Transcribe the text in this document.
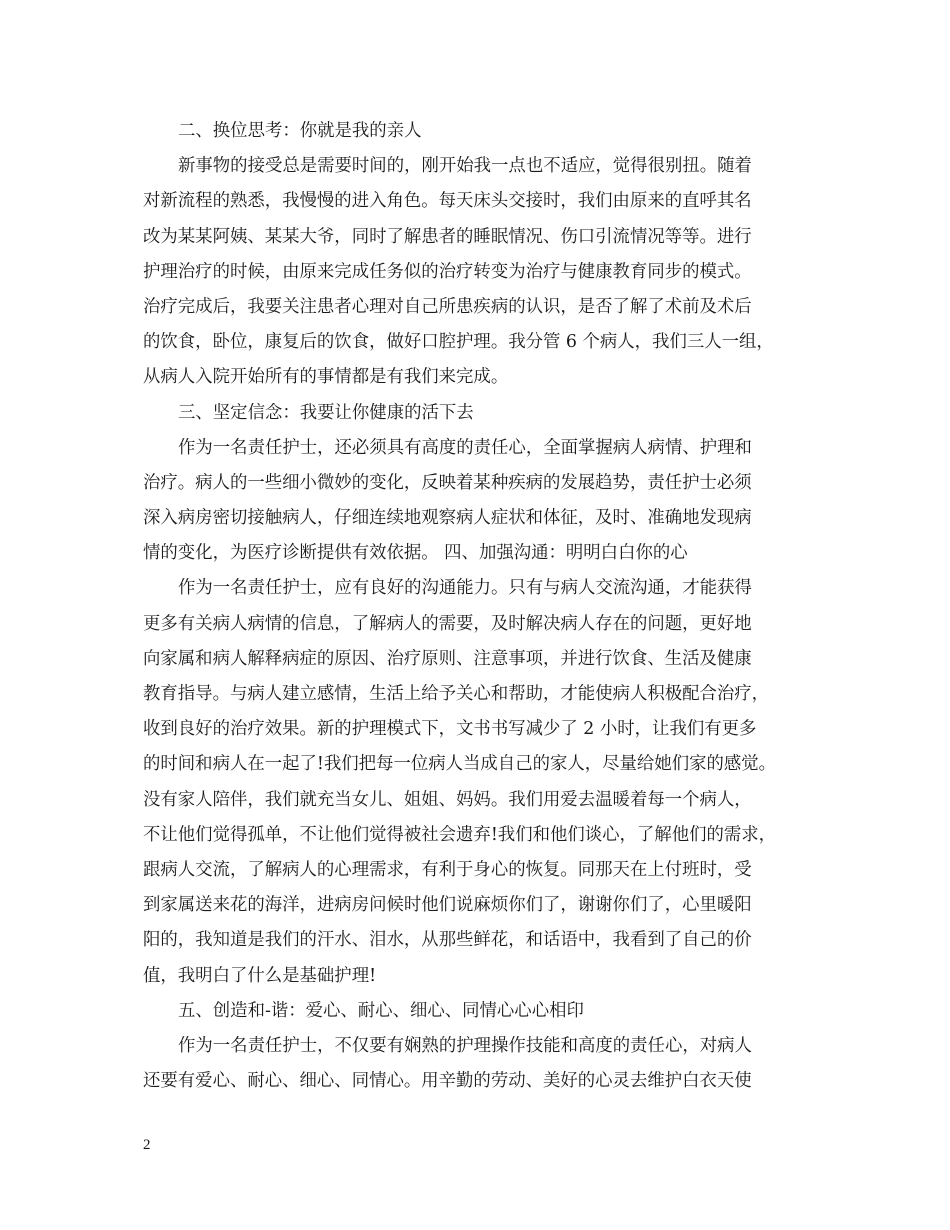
二、换位思考：你就是我的亲人
新事物的接受总是需要时间的，刚开始我一点也不适应，觉得很别扭。随着
对新流程的熟悉，我慢慢的进入角色。每天床头交接时，我们由原来的直呼其名
改为某某阿姨、某某大爷，同时了解患者的睡眠情况、伤口引流情况等等。进行
护理治疗的时候，由原来完成任务似的治疗转变为治疗与健康教育同步的模式。
治疗完成后，我要关注患者心理对自己所患疾病的认识，是否了解了术前及术后
的饮食，卧位，康复后的饮食，做好口腔护理。我分管 6 个病人，我们三人一组，
从病人入院开始所有的事情都是有我们来完成。
三、坚定信念：我要让你健康的活下去
作为一名责任护士，还必须具有高度的责任心，全面掌握病人病情、护理和
治疗。病人的一些细小微妙的变化，反映着某种疾病的发展趋势，责任护士必须
深入病房密切接触病人，仔细连续地观察病人症状和体征，及时、准确地发现病
情的变化，为医疗诊断提供有效依据。 四、加强沟通：明明白白你的心
作为一名责任护士，应有良好的沟通能力。只有与病人交流沟通，才能获得
更多有关病人病情的信息，了解病人的需要，及时解决病人存在的问题，更好地
向家属和病人解释病症的原因、治疗原则、注意事项，并进行饮食、生活及健康
教育指导。与病人建立感情，生活上给予关心和帮助，才能使病人积极配合治疗，
收到良好的治疗效果。新的护理模式下，文书书写减少了 2 小时，让我们有更多
的时间和病人在一起了!我们把每一位病人当成自己的家人，尽量给她们家的感觉。
没有家人陪伴，我们就充当女儿、姐姐、妈妈。我们用爱去温暖着每一个病人，
不让他们觉得孤单，不让他们觉得被社会遗弃!我们和他们谈心，了解他们的需求，
跟病人交流，了解病人的心理需求，有利于身心的恢复。同那天在上付班时，受
到家属送来花的海洋，进病房问候时他们说麻烦你们了，谢谢你们了，心里暖阳
阳的，我知道是我们的汗水、泪水，从那些鲜花，和话语中，我看到了自己的价
值，我明白了什么是基础护理!
五、创造和-谐：爱心、耐心、细心、同情心心心相印
作为一名责任护士，不仅要有娴熟的护理操作技能和高度的责任心，对病人
还要有爱心、耐心、细心、同情心。用辛勤的劳动、美好的心灵去维护白衣天使
2
